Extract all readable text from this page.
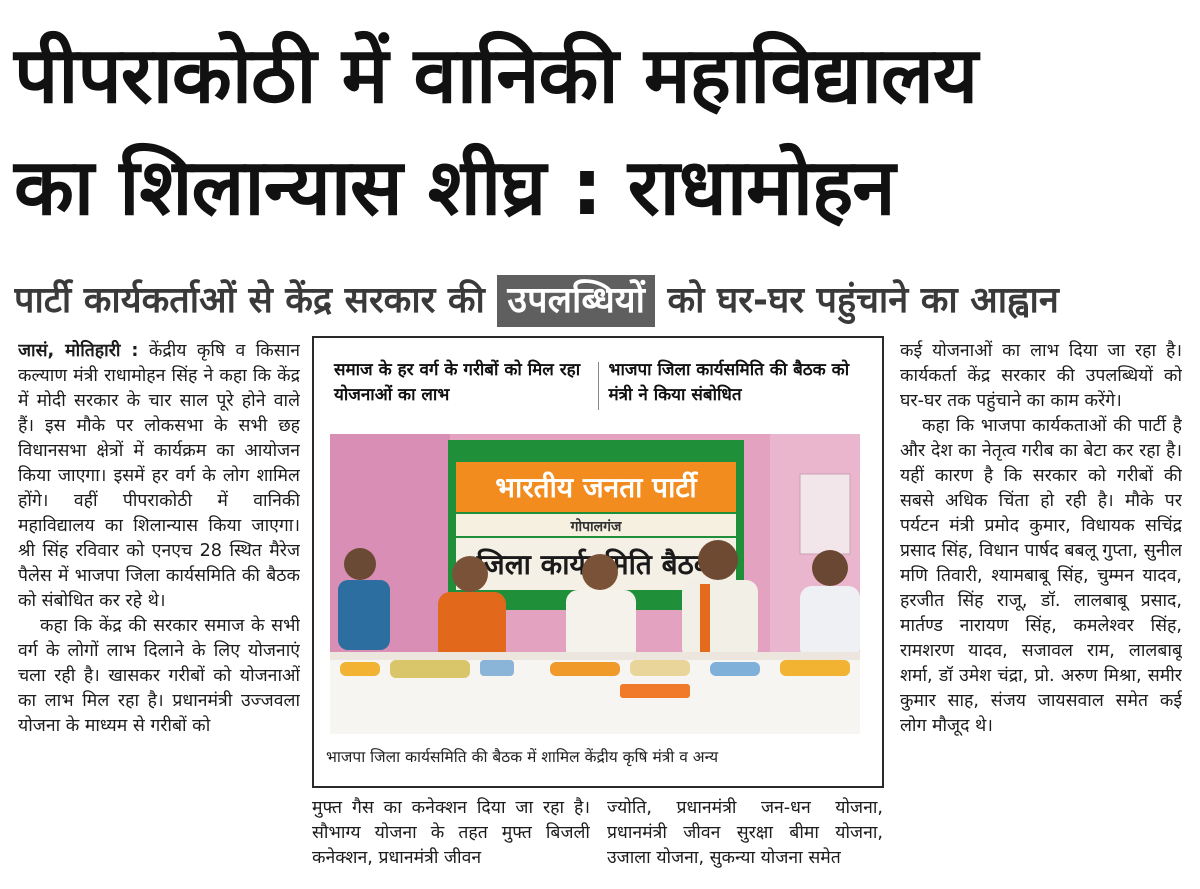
पीपराकोठी में वानिकी महाविद्यालय
का शिलान्यास शीघ्र : राधामोहन
पार्टी कार्यकर्ताओं से केंद्र सरकार की उपलब्धियों को घर-घर पहुंचाने का आह्वान

जासं, मोतिहारी : केंद्रीय कृषि व किसान कल्याण मंत्री राधामोहन सिंह ने कहा कि केंद्र में मोदी सरकार के चार साल पूरे होने वाले हैं। इस मौके पर लोकसभा के सभी छह विधानसभा क्षेत्रों में कार्यक्रम का आयोजन किया जाएगा। इसमें हर वर्ग के लोग शामिल होंगे। वहीं पीपराकोठी में वानिकी महाविद्यालय का शिलान्यास किया जाएगा। श्री सिंह रविवार को एनएच 28 स्थित मैरेज पैलेस में भाजपा जिला कार्यसमिति की बैठक को संबोधित कर रहे थे।

कहा कि केंद्र की सरकार समाज के सभी वर्ग के लोगों लाभ दिलाने के लिए योजनाएं चला रही है। खासकर गरीबों को योजनाओं का लाभ मिल रहा है। प्रधानमंत्री उज्जवला योजना के माध्यम से गरीबों को

समाज के हर वर्ग के गरीबों को मिल रहा योजनाओं का लाभ
भाजपा जिला कार्यसमिति की बैठक को मंत्री ने किया संबोधित
भारतीय जनता पार्टी
गोपालगंज
जिला बैठक
भाजपा जिला कार्यसमिति की बैठक में शामिल केंद्रीय कृषि मंत्री व अन्य

मुफ्त गैस का कनेक्शन दिया जा रहा है। सौभाग्य योजना के तहत मुफ्त बिजली कनेक्शन, प्रधानमंत्री जीवन

ज्योति, प्रधानमंत्री जन-धन योजना, प्रधानमंत्री जीवन सुरक्षा बीमा योजना, उजाला योजना, सुकन्या योजना समेत

कई योजनाओं का लाभ दिया जा रहा है। कार्यकर्ता केंद्र सरकार की उपलब्धियों को घर-घर तक पहुंचाने का काम करेंगे।

कहा कि भाजपा कार्यकताओं की पार्टी है और देश का नेतृत्व गरीब का बेटा कर रहा है। यहीं कारण है कि सरकार को गरीबों की सबसे अधिक चिंता हो रही है। मौके पर पर्यटन मंत्री प्रमोद कुमार, विधायक सचिंद्र प्रसाद सिंह, विधान पार्षद बबलू गुप्ता, सुनील मणि तिवारी, श्यामबाबू सिंह, चुम्मन यादव, हरजीत सिंह राजू, डॉ. लालबाबू प्रसाद, मार्तण्ड नारायण सिंह, कमलेश्वर सिंह, रामशरण यादव, सजावल राम, लालबाबू शर्मा, डॉ उमेश चंद्रा, प्रो. अरुण मिश्रा, समीर कुमार साह, संजय जायसवाल समेत कई लोग मौजूद थे।
